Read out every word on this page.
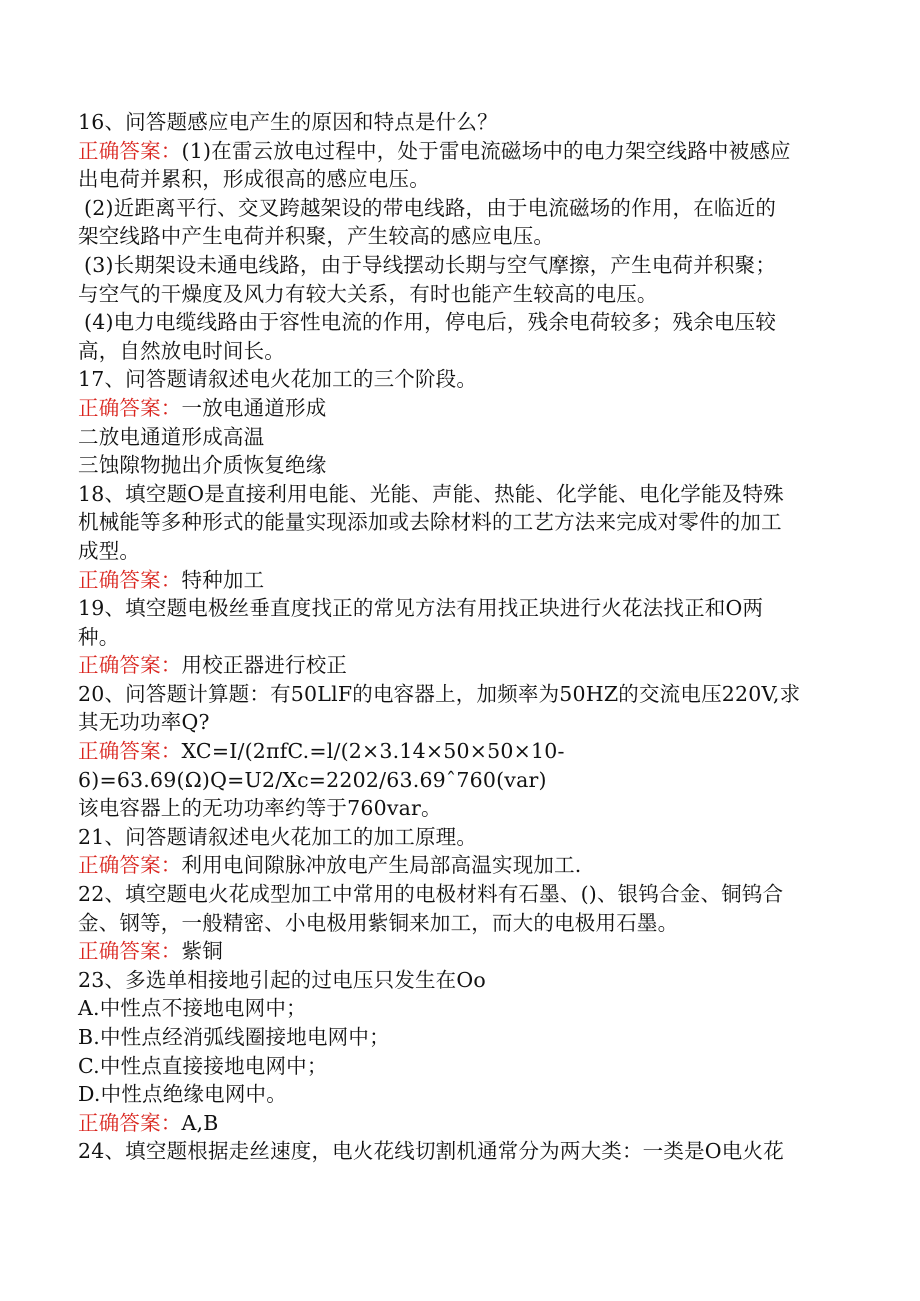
16、问答题感应电产生的原因和特点是什么？
正确答案：(1)在雷云放电过程中，处于雷电流磁场中的电力架空线路中被感应
出电荷并累积，形成很高的感应电压。
(2)近距离平行、交叉跨越架设的带电线路，由于电流磁场的作用，在临近的
架空线路中产生电荷并积聚，产生较高的感应电压。
(3)长期架设未通电线路，由于导线摆动长期与空气摩擦，产生电荷并积聚；
与空气的干燥度及风力有较大关系，有时也能产生较高的电压。
(4)电力电缆线路由于容性电流的作用，停电后，残余电荷较多；残余电压较
高，自然放电时间长。
17、问答题请叙述电火花加工的三个阶段。
正确答案：一放电通道形成
二放电通道形成高温
三蚀隙物抛出介质恢复绝缘
18、填空题O是直接利用电能、光能、声能、热能、化学能、电化学能及特殊
机械能等多种形式的能量实现添加或去除材料的工艺方法来完成对零件的加工
成型。
正确答案：特种加工
19、填空题电极丝垂直度找正的常见方法有用找正块进行火花法找正和O两
种。
正确答案：用校正器进行校正
20、问答题计算题：有50LlF的电容器上，加频率为50HZ的交流电压220V,求
其无功功率Q?
正确答案：XC=I/(2πfC.=l/(2×3.14×50×50×10-
6)=63.69(Ω)Q=U2/Xc=2202/63.69ˆ760(var)
该电容器上的无功功率约等于760var。
21、问答题请叙述电火花加工的加工原理。
正确答案：利用电间隙脉冲放电产生局部高温实现加工.
22、填空题电火花成型加工中常用的电极材料有石墨、()、银钨合金、铜钨合
金、钢等，一般精密、小电极用紫铜来加工，而大的电极用石墨。
正确答案：紫铜
23、多选单相接地引起的过电压只发生在Oo
A.中性点不接地电网中；
B.中性点经消弧线圈接地电网中；
C.中性点直接接地电网中；
D.中性点绝缘电网中。
正确答案：A,B
24、填空题根据走丝速度，电火花线切割机通常分为两大类：一类是O电火花
